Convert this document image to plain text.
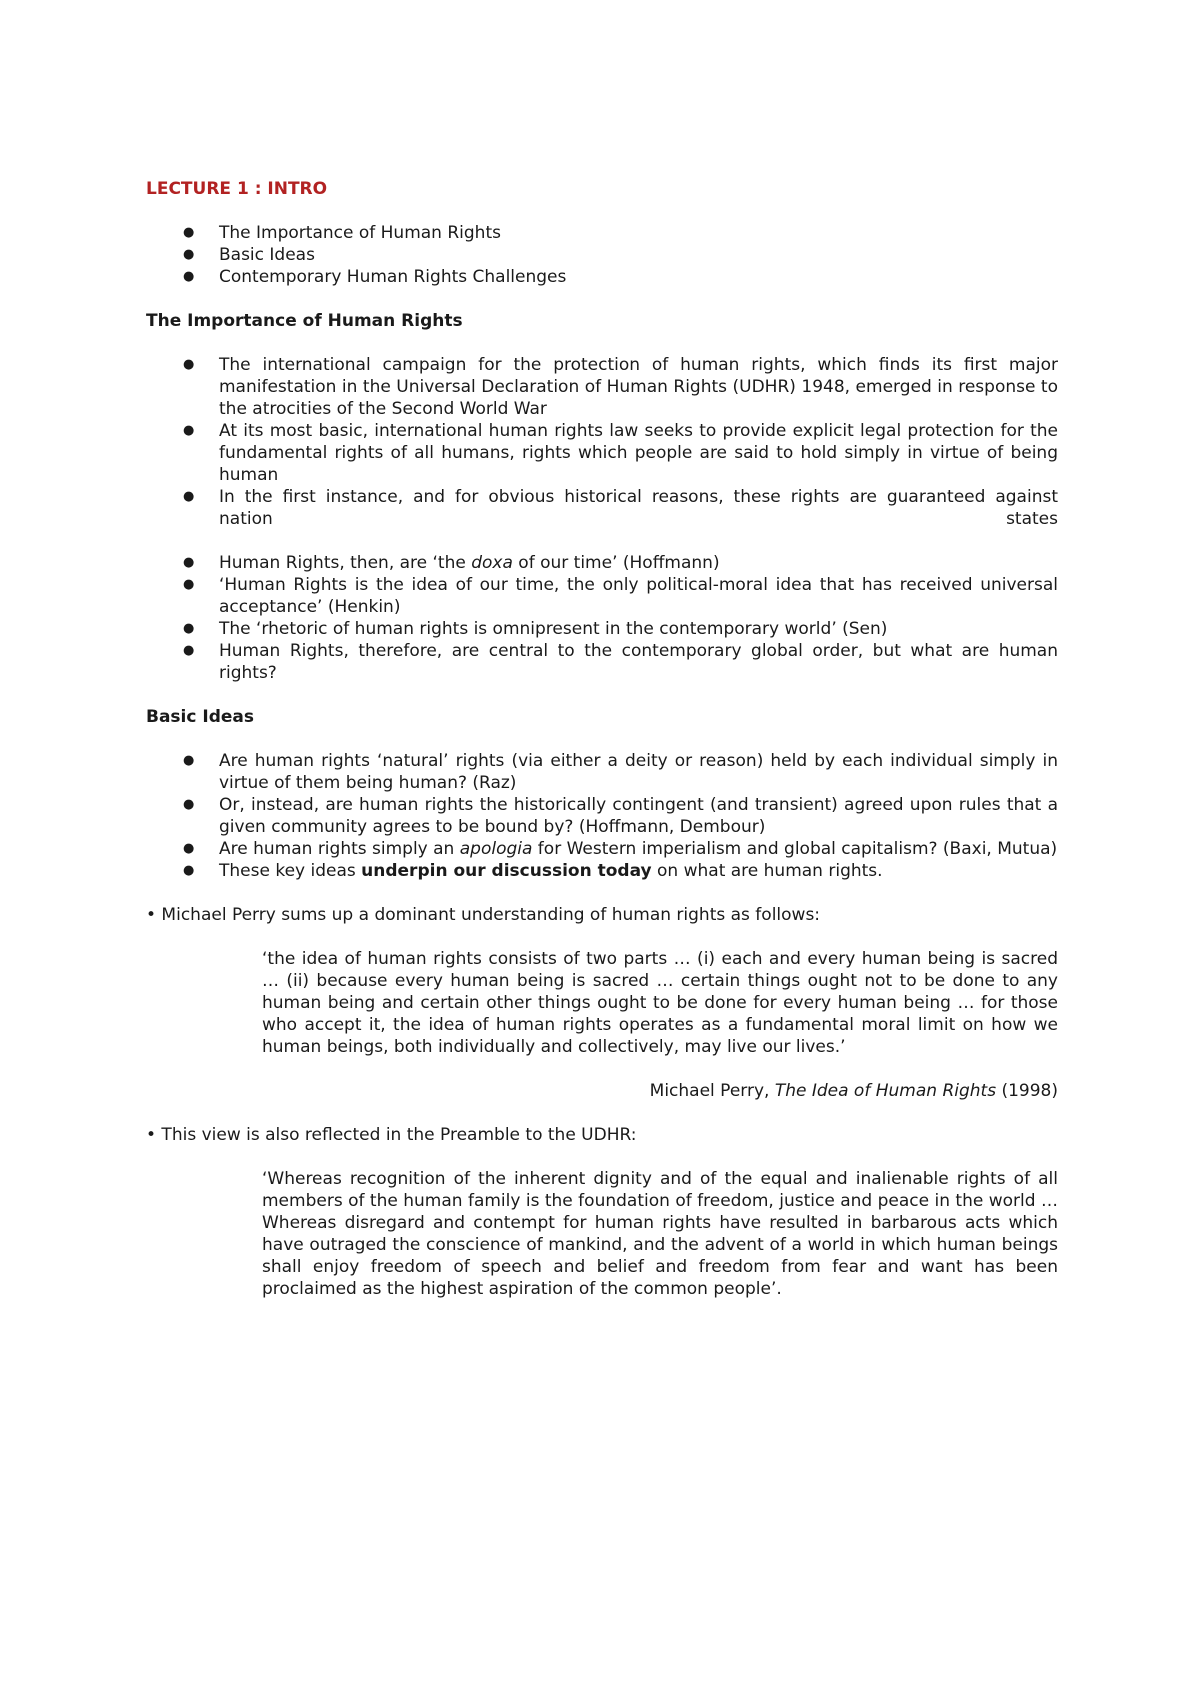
LECTURE 1 : INTRO
● The Importance of Human Rights
● Basic Ideas
● Contemporary Human Rights Challenges
The Importance of Human Rights
● The international campaign for the protection of human rights, which finds its first major manifestation in the Universal Declaration of Human Rights (UDHR) 1948, emerged in response to the atrocities of the Second World War
● At its most basic, international human rights law seeks to provide explicit legal protection for the fundamental rights of all humans, rights which people are said to hold simply in virtue of being human
● In the first instance, and for obvious historical reasons, these rights are guaranteed against nation states
● Human Rights, then, are ‘the doxa of our time’ (Hoffmann)
● ‘Human Rights is the idea of our time, the only political-moral idea that has received universal acceptance’ (Henkin)
● The ‘rhetoric of human rights is omnipresent in the contemporary world’ (Sen)
● Human Rights, therefore, are central to the contemporary global order, but what are human rights?
Basic Ideas
● Are human rights ‘natural’ rights (via either a deity or reason) held by each individual simply in virtue of them being human? (Raz)
● Or, instead, are human rights the historically contingent (and transient) agreed upon rules that a given community agrees to be bound by? (Hoffmann, Dembour)
● Are human rights simply an apologia for Western imperialism and global capitalism? (Baxi, Mutua)
● These key ideas underpin our discussion today on what are human rights.
• Michael Perry sums up a dominant understanding of human rights as follows:
‘the idea of human rights consists of two parts … (i) each and every human being is sacred … (ii) because every human being is sacred … certain things ought not to be done to any human being and certain other things ought to be done for every human being … for those who accept it, the idea of human rights operates as a fundamental moral limit on how we human beings, both individually and collectively, may live our lives.’
Michael Perry, The Idea of Human Rights (1998)
• This view is also reflected in the Preamble to the UDHR:
‘Whereas recognition of the inherent dignity and of the equal and inalienable rights of all members of the human family is the foundation of freedom, justice and peace in the world … Whereas disregard and contempt for human rights have resulted in barbarous acts which have outraged the conscience of mankind, and the advent of a world in which human beings shall enjoy freedom of speech and belief and freedom from fear and want has been proclaimed as the highest aspiration of the common people’.
